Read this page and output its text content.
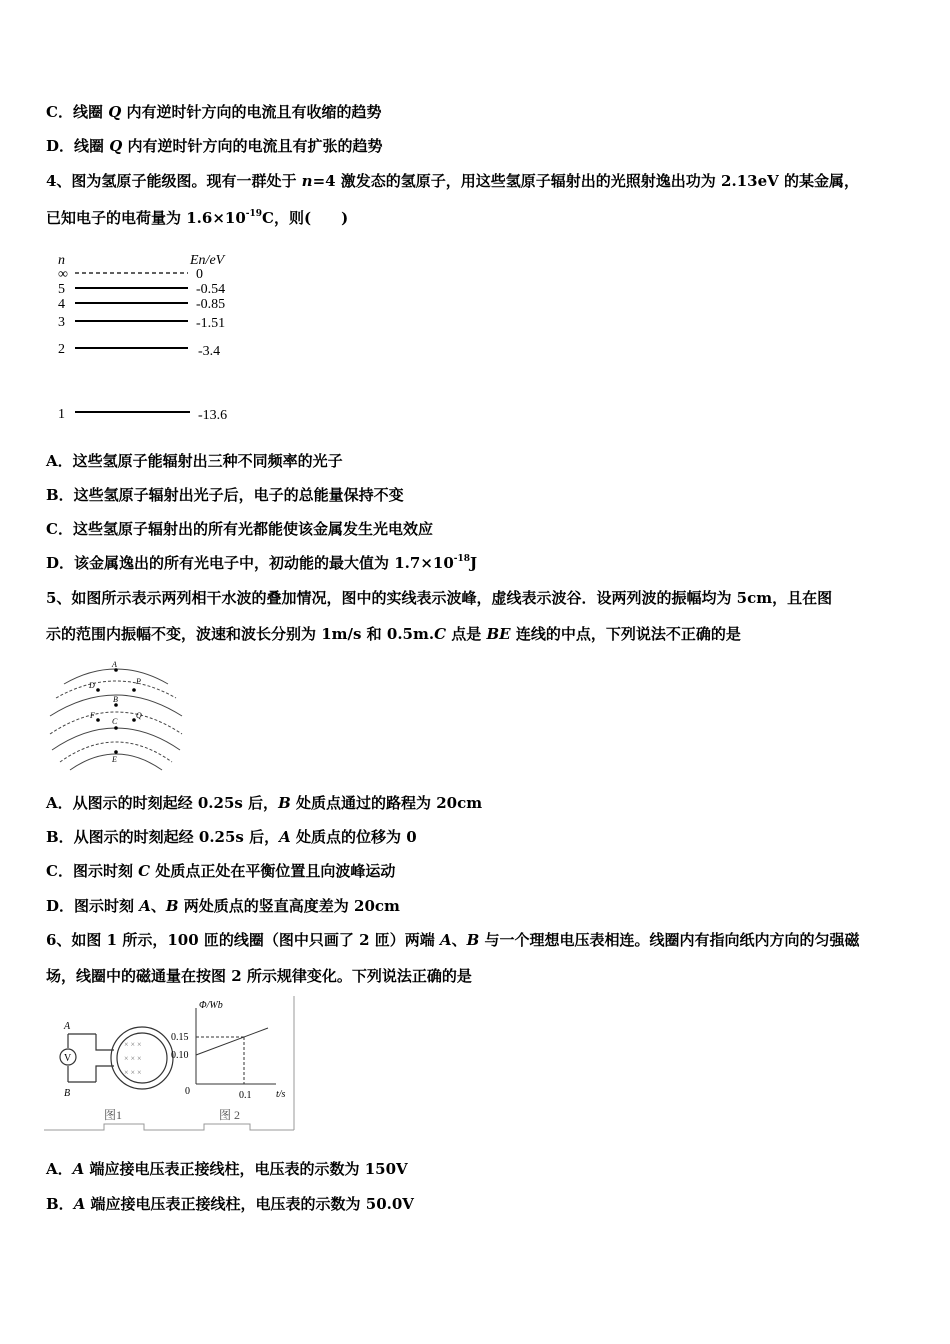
C．线圈 Q 内有逆时针方向的电流且有收缩的趋势
D．线圈 Q 内有逆时针方向的电流且有扩张的趋势
4、图为氢原子能级图。现有一群处于 n=4 激发态的氢原子，用这些氢原子辐射出的光照射逸出功为 2.13eV 的某金属，
已知电子的电荷量为 $1.6\times 10^{-19}C$，则(　　)
n	En/eV
∞	0
5	-0.54
4	-0.85
3	-1.51
2	-3.4
1	-13.6
A．这些氢原子能辐射出三种不同频率的光子
B．这些氢原子辐射出光子后，电子的总能量保持不变
C．这些氢原子辐射出的所有光都能使该金属发生光电效应
D．该金属逸出的所有光电子中，初动能的最大值为 $1.7\times 10^{-18}J$
5、如图所示表示两列相干水波的叠加情况，图中的实线表示波峰，虚线表示波谷．设两列波的振幅均为 5cm，且在图
示的范围内振幅不变，波速和波长分别为 1m/s 和 0.5m.C 点是 BE 连线的中点，下列说法不正确的是
A
D	P
B
F
C
Q
E
A．从图示的时刻起经 0.25s 后，B 处质点通过的路程为 20cm
B．从图示的时刻起经 0.25s 后，A 处质点的位移为 0
C．图示时刻 C 处质点正处在平衡位置且向波峰运动
D．图示时刻 A、B 两处质点的竖直高度差为 20cm
6、如图 1 所示，100 匝的线圈（图中只画了 2 匝）两端 A、B 与一个理想电压表相连。线圈内有指向纸内方向的匀强磁
场，线圈中的磁通量在按图 2 所示规律变化。下列说法正确的是
× × ×
× × ×
× × ×
A
B
V
图1
Φ/Wb
t/s
0.15
0.10
0	0.1
图 2
A．A 端应接电压表正接线柱，电压表的示数为 150V
B．A 端应接电压表正接线柱，电压表的示数为 50.0V
